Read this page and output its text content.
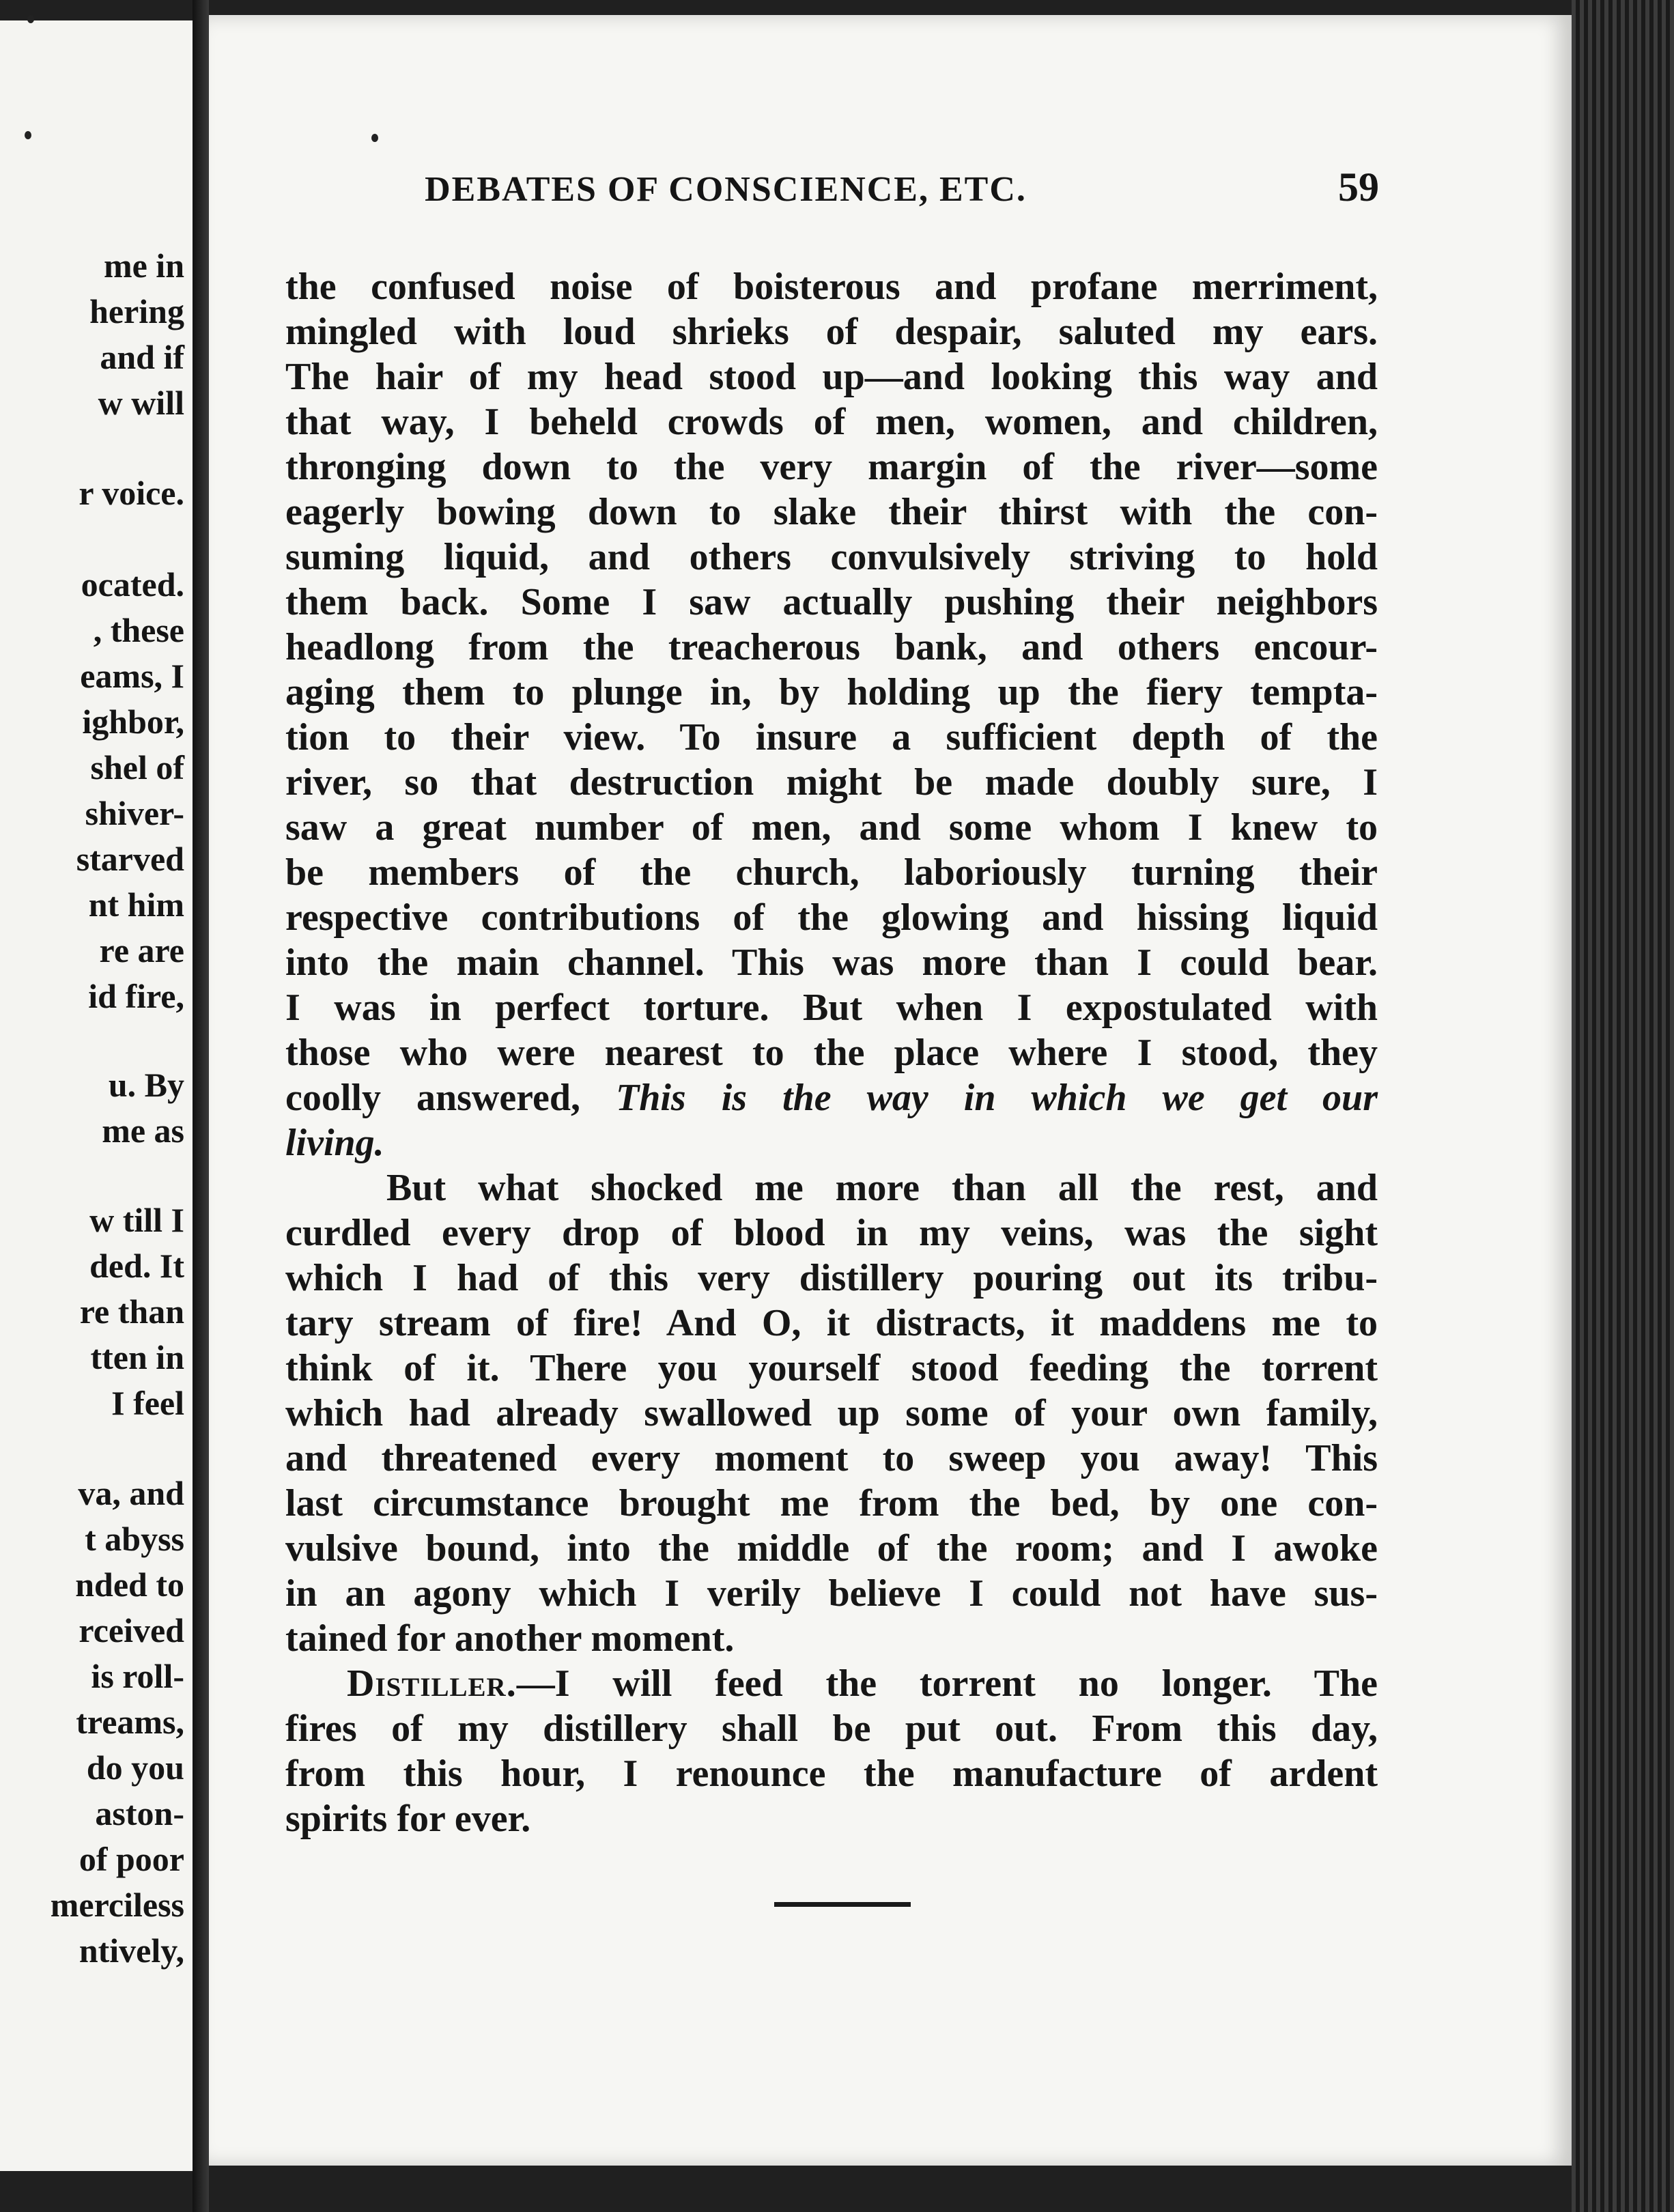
me in
hering
and if
w will
r voice.
ocated.
, these
eams, I
ighbor,
shel of
shiver-
starved
nt him
re are
id fire,
u. By
me as
w till I
ded. It
re than
tten in
I feel
va, and
t abyss
nded to
rceived
is roll-
treams,
do you
aston-
of poor
merciless
ntively,
DEBATES OF CONSCIENCE, ETC.	59
the confused noise of boisterous and profane merriment,
mingled with loud shrieks of despair, saluted my ears.
The hair of my head stood up—and looking this way and
that way, I beheld crowds of men, women, and children,
thronging down to the very margin of the river—some
eagerly bowing down to slake their thirst with the con-
suming liquid, and others convulsively striving to hold
them back. Some I saw actually pushing their neighbors
headlong from the treacherous bank, and others encour-
aging them to plunge in, by holding up the fiery tempta-
tion to their view. To insure a sufficient depth of the
river, so that destruction might be made doubly sure, I
saw a great number of men, and some whom I knew to
be members of the church, laboriously turning their
respective contributions of the glowing and hissing liquid
into the main channel. This was more than I could bear.
I was in perfect torture. But when I expostulated with
those who were nearest to the place where I stood, they
coolly answered, This is the way in which we get our
living.
But what shocked me more than all the rest, and
curdled every drop of blood in my veins, was the sight
which I had of this very distillery pouring out its tribu-
tary stream of fire! And O, it distracts, it maddens me to
think of it. There you yourself stood feeding the torrent
which had already swallowed up some of your own family,
and threatened every moment to sweep you away! This
last circumstance brought me from the bed, by one con-
vulsive bound, into the middle of the room; and I awoke
in an agony which I verily believe I could not have sus-
tained for another moment.
Distiller.—I will feed the torrent no longer. The
fires of my distillery shall be put out. From this day,
from this hour, I renounce the manufacture of ardent
spirits for ever.
